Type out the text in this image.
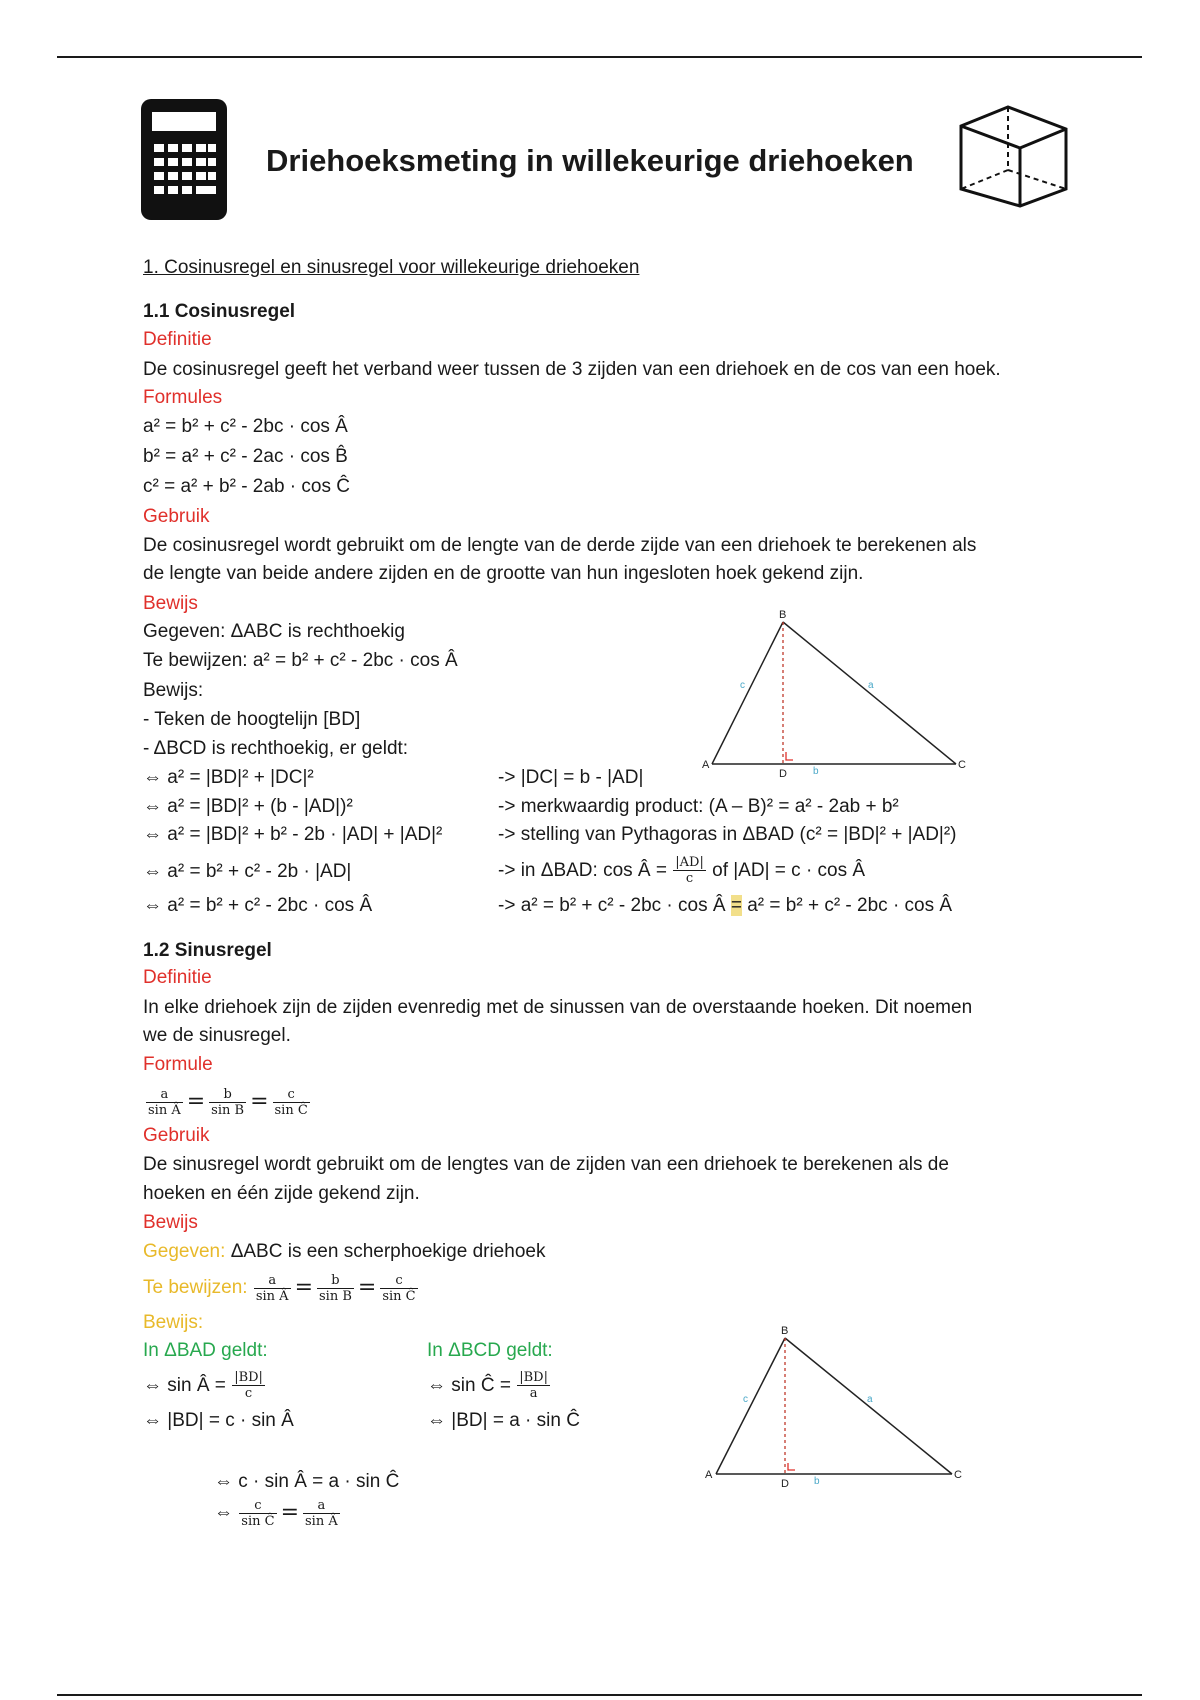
Driehoeksmeting in willekeurige driehoeken
1. Cosinusregel en sinusregel voor willekeurige driehoeken
1.1 Cosinusregel
Definitie
De cosinusregel geeft het verband weer tussen de 3 zijden van een driehoek en de cos van een hoek.
Formules
a² = b² + c² - 2bc · cos Â
b² = a² + c² - 2ac · cos B̂
c² = a² + b² - 2ab · cos Ĉ
Gebruik
De cosinusregel wordt gebruikt om de lengte van de derde zijde van een driehoek te berekenen als
de lengte van beide andere zijden en de grootte van hun ingesloten hoek gekend zijn.
Bewijs
Gegeven: ΔABC is rechthoekig
Te bewijzen: a² = b² + c² - 2bc · cos Â
Bewijs:
- Teken de hoogtelijn [BD]
- ΔBCD is rechthoekig, er geldt:
⇔ a² = |BD|² + |DC|²	-> |DC| = b - |AD|
⇔ a² = |BD|² + (b - |AD|)²	-> merkwaardig product: (A – B)² = a² - 2ab + b²
⇔ a² = |BD|² + b² - 2b · |AD| + |AD|²	-> stelling van Pythagoras in ΔBAD (c² = |BD|² + |AD|²)
⇔ a² = b² + c² - 2b · |AD|	-> in ΔBAD: cos Â = $\frac{|AD|}{c}$ of |AD| = c · cos Â
⇔ a² = b² + c² - 2bc · cos Â	-> a² = b² + c² - 2bc · cos Â = a² = b² + c² - 2bc · cos Â
B
A	C
D
c	a
b
1.2 Sinusregel
Definitie
In elke driehoek zijn de zijden evenredig met de sinussen van de overstaande hoeken. Dit noemen
we de sinusregel.
Formule
$\frac{a}{\text{sin Â}} = \frac{b}{\text{sin B}} = \frac{c}{\text{sin Ĉ}}$
Gebruik
De sinusregel wordt gebruikt om de lengtes van de zijden van een driehoek te berekenen als de
hoeken en één zijde gekend zijn.
Bewijs
Gegeven: ΔABC is een scherphoekige driehoek
Te bewijzen: $\frac{a}{\text{sin Â}} = \frac{b}{\text{sin B}} = \frac{c}{\text{sin Ĉ}}$
Bewijs:
In ΔBAD geldt:	In ΔBCD geldt:
⇔ sin Â = $\frac{|BD|}{c}$	⇔ sin Ĉ = $\frac{|BD|}{a}$
⇔ |BD| = c · sin Â	⇔ |BD| = a · sin Ĉ
⇔ c · sin Â = a · sin Ĉ
⇔ $\frac{c}{\text{sin Ĉ}} = \frac{a}{\text{sin Â}}$
B
A	C
D
c	a
b
